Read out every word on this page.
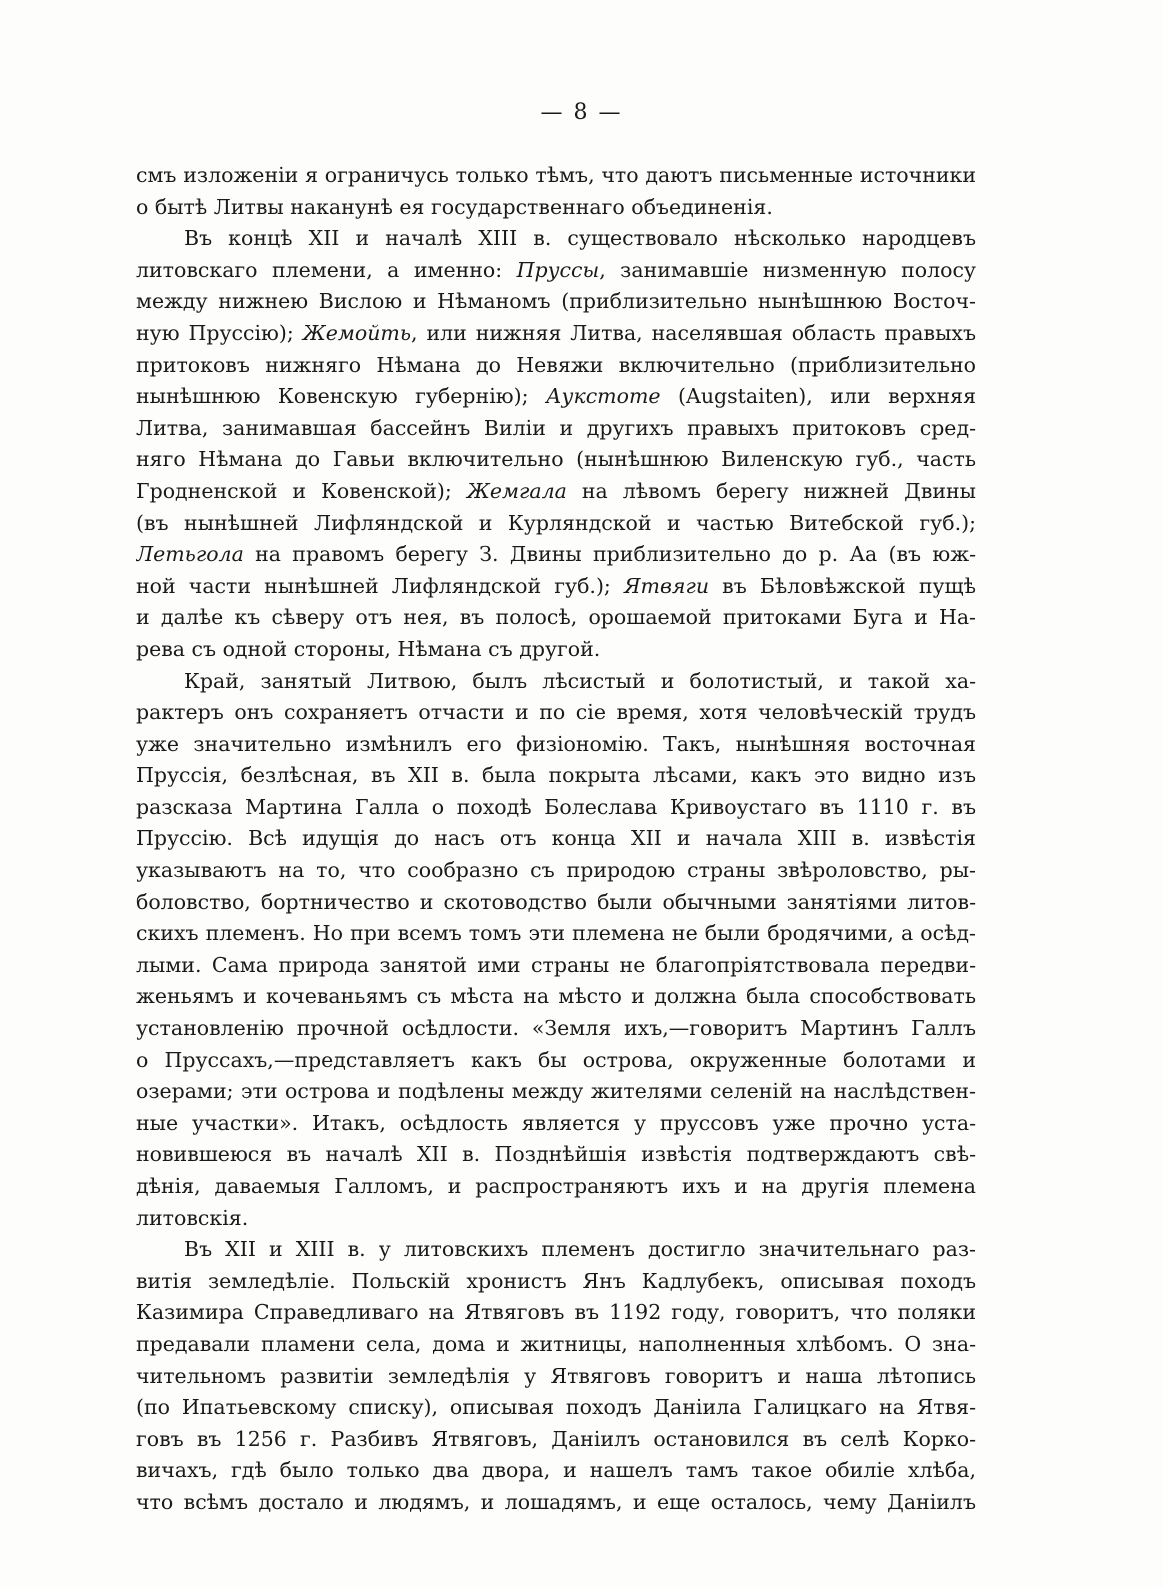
— 8 —
смъ изложеніи я ограничусь только тѣмъ, что даютъ письменные источники
о бытѣ Литвы наканунѣ ея государственнаго объединенія.
Въ концѣ XII и началѣ XIII в. существовало нѣсколько народцевъ
литовскаго племени, а именно: Пруссы, занимавшіе низменную полосу
между нижнею Вислою и Нѣманомъ (приблизительно нынѣшнюю Восточ-
ную Пруссію); Жемойть, или нижняя Литва, населявшая область правыхъ
притоковъ нижняго Нѣмана до Невяжи включительно (приблизительно
нынѣшнюю Ковенскую губернію); Аукстоте (Augstaiten), или верхняя
Литва, занимавшая бассейнъ Виліи и другихъ правыхъ притоковъ сред-
няго Нѣмана до Гавьи включительно (нынѣшнюю Виленскую губ., часть
Гродненской и Ковенской); Жемгала на лѣвомъ берегу нижней Двины
(въ нынѣшней Лифляндской и Курляндской и частью Витебской губ.);
Летьгола на правомъ берегу З. Двины приблизительно до р. Аа (въ юж-
ной части нынѣшней Лифляндской губ.); Ятвяги въ Бѣловѣжской пущѣ
и далѣе къ сѣверу отъ нея, въ полосѣ, орошаемой притоками Буга и На-
рева съ одной стороны, Нѣмана съ другой.
Край, занятый Литвою, былъ лѣсистый и болотистый, и такой ха-
рактеръ онъ сохраняетъ отчасти и по сіе время, хотя человѣческій трудъ
уже значительно измѣнилъ его физіономію. Такъ, нынѣшняя восточная
Пруссія, безлѣсная, въ XII в. была покрыта лѣсами, какъ это видно изъ
разсказа Мартина Галла о походѣ Болеслава Кривоустаго въ 1110 г. въ
Пруссію. Всѣ идущія до насъ отъ конца XII и начала XIII в. извѣстія
указываютъ на то, что сообразно съ природою страны звѣроловство, ры-
боловство, бортничество и скотоводство были обычными занятіями литов-
скихъ племенъ. Но при всемъ томъ эти племена не были бродячими, а осѣд-
лыми. Сама природа занятой ими страны не благопріятствовала передви-
женьямъ и кочеваньямъ съ мѣста на мѣсто и должна была способствовать
установленію прочной осѣдлости. «Земля ихъ,—говоритъ Мартинъ Галлъ
о Пруссахъ,—представляетъ какъ бы острова, окруженные болотами и
озерами; эти острова и подѣлены между жителями селеній на наслѣдствен-
ные участки». Итакъ, осѣдлость является у пруссовъ уже прочно уста-
новившеюся въ началѣ XII в. Позднѣйшія извѣстія подтверждаютъ свѣ-
дѣнія, даваемыя Галломъ, и распространяютъ ихъ и на другія племена
литовскія.
Въ XII и XIII в. у литовскихъ племенъ достигло значительнаго раз-
витія земледѣліе. Польскій хронистъ Янъ Кадлубекъ, описывая походъ
Казимира Справедливаго на Ятвяговъ въ 1192 году, говоритъ, что поляки
предавали пламени села, дома и житницы, наполненныя хлѣбомъ. О зна-
чительномъ развитіи земледѣлія у Ятвяговъ говоритъ и наша лѣтопись
(по Ипатьевскому списку), описывая походъ Даніила Галицкаго на Ятвя-
говъ въ 1256 г. Разбивъ Ятвяговъ, Даніилъ остановился въ селѣ Корко-
вичахъ, гдѣ было только два двора, и нашелъ тамъ такое обиліе хлѣба,
что всѣмъ достало и людямъ, и лошадямъ, и еще осталось, чему Даніилъ
